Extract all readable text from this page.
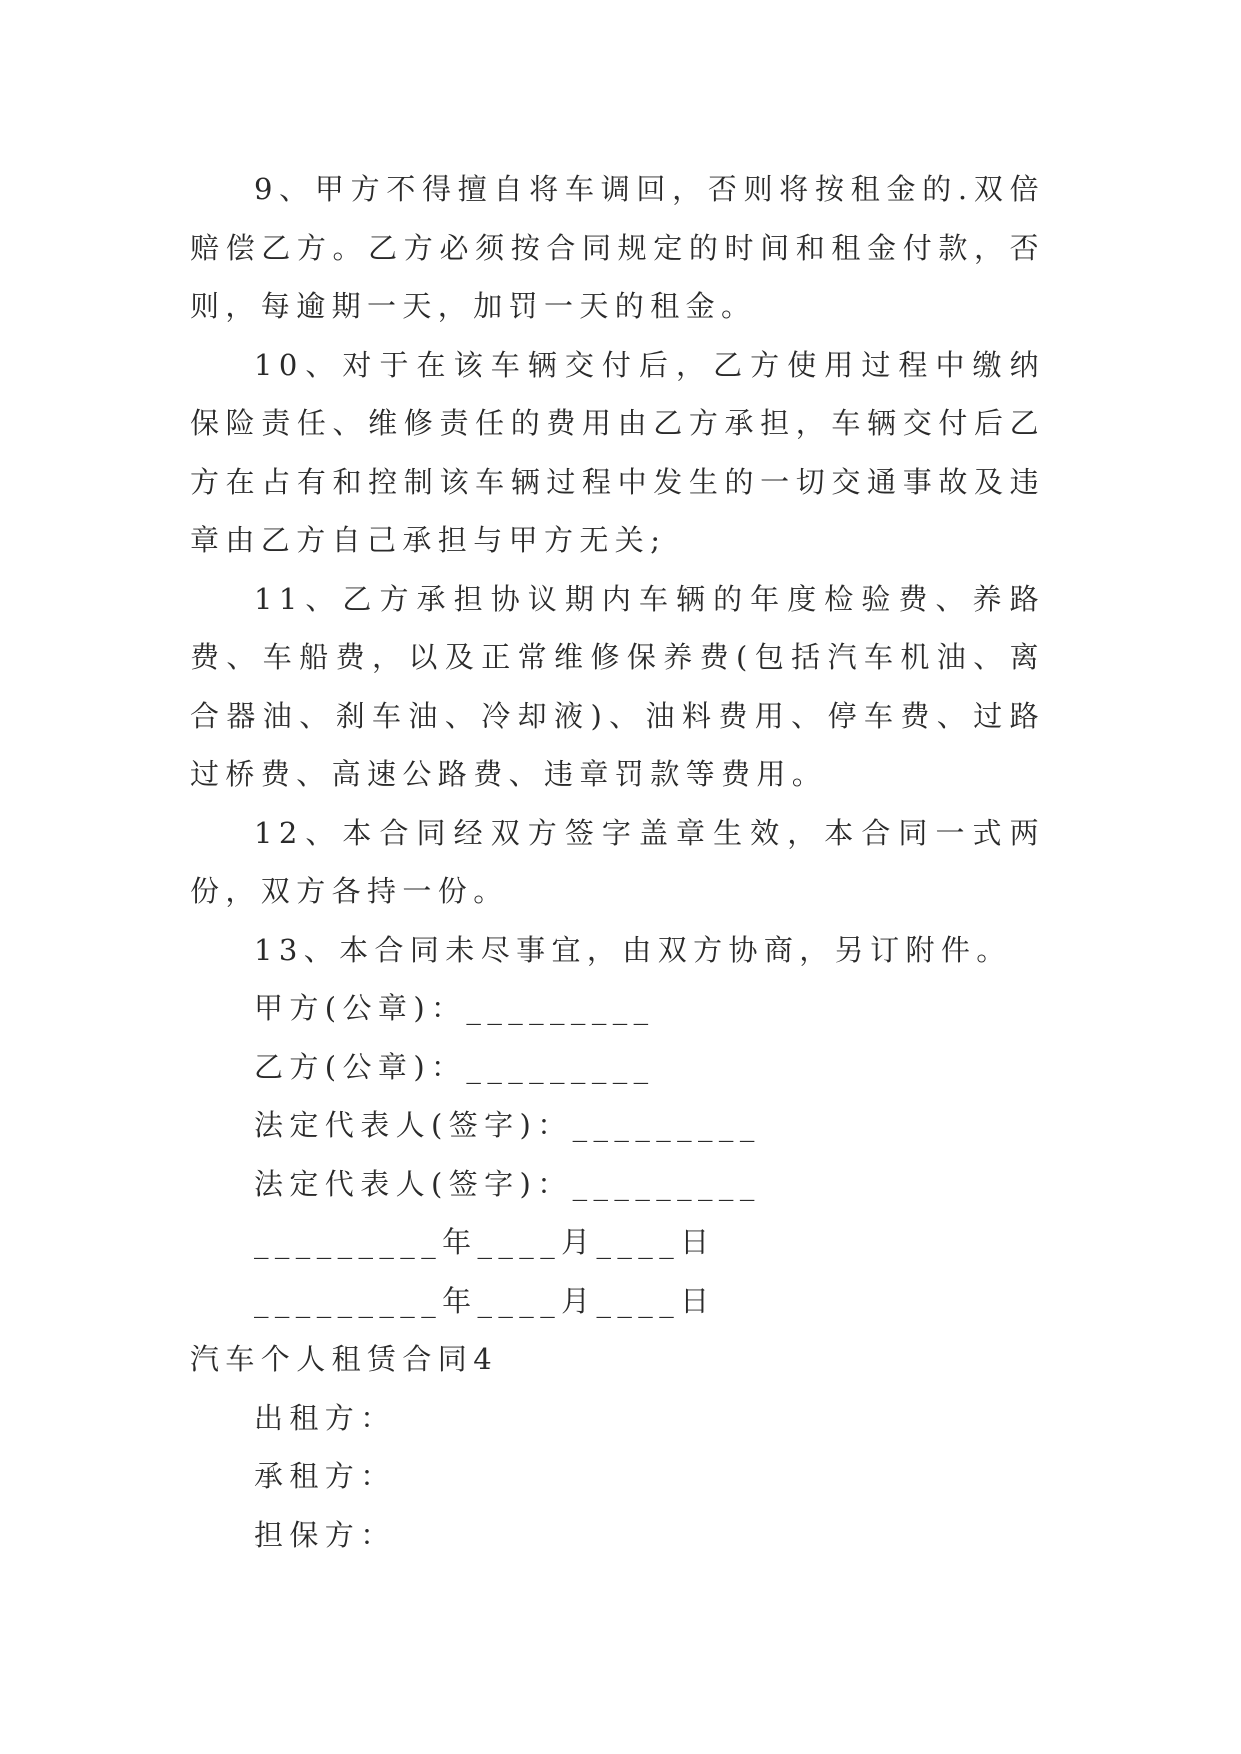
9、甲方不得擅自将车调回，否则将按租金的.双倍赔偿乙方。乙方必须按合同规定的时间和租金付款，否则，每逾期一天，加罚一天的租金。

10、对于在该车辆交付后，乙方使用过程中缴纳保险责任、维修责任的费用由乙方承担，车辆交付后乙方在占有和控制该车辆过程中发生的一切交通事故及违章由乙方自己承担与甲方无关;

11、乙方承担协议期内车辆的年度检验费、养路费、车船费，以及正常维修保养费(包括汽车机油、离合器油、刹车油、冷却液)、油料费用、停车费、过路过桥费、高速公路费、违章罚款等费用。

12、本合同经双方签字盖章生效，本合同一式两份，双方各持一份。

13、本合同未尽事宜，由双方协商，另订附件。

甲方(公章)：_________

乙方(公章)：_________

法定代表人(签字)：_________

法定代表人(签字)：_________

_________年____月____日

_________年____月____日

汽车个人租赁合同4

出租方：

承租方：

担保方：
